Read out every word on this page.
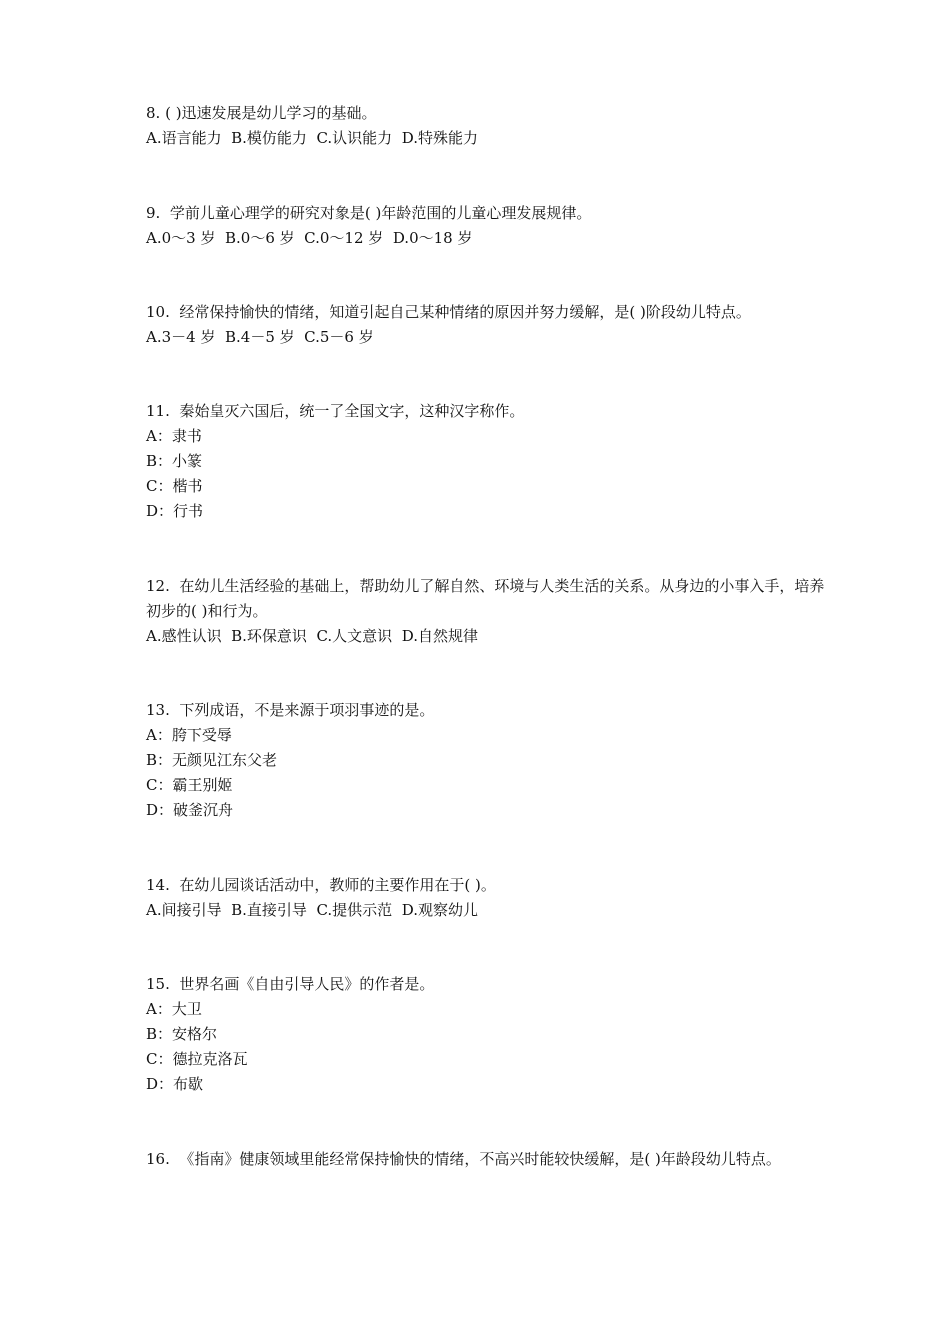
8. ( )迅速发展是幼儿学习的基础。
A.语言能力  B.模仿能力  C.认识能力  D.特殊能力
9.  学前儿童心理学的研究对象是( )年龄范围的儿童心理发展规律。
A.0～3 岁  B.0～6 岁  C.0～12 岁  D.0～18 岁
10.  经常保持愉快的情绪，知道引起自己某种情绪的原因并努力缓解，是( )阶段幼儿特点。
A.3－4 岁  B.4－5 岁  C.5－6 岁
11.  秦始皇灭六国后，统一了全国文字，这种汉字称作。
A：隶书
B：小篆
C：楷书
D：行书
12.  在幼儿生活经验的基础上，帮助幼儿了解自然、环境与人类生活的关系。从身边的小事入手，培养初步的( )和行为。
A.感性认识  B.环保意识  C.人文意识  D.自然规律
13.  下列成语，不是来源于项羽事迹的是。
A：胯下受辱
B：无颜见江东父老
C：霸王别姬
D：破釜沉舟
14.  在幼儿园谈话活动中，教师的主要作用在于( )。
A.间接引导  B.直接引导  C.提供示范  D.观察幼儿
15.  世界名画《自由引导人民》的作者是。
A：大卫
B：安格尔
C：德拉克洛瓦
D：布歇
16.  《指南》健康领域里能经常保持愉快的情绪，不高兴时能较快缓解，是( )年龄段幼儿特点。
